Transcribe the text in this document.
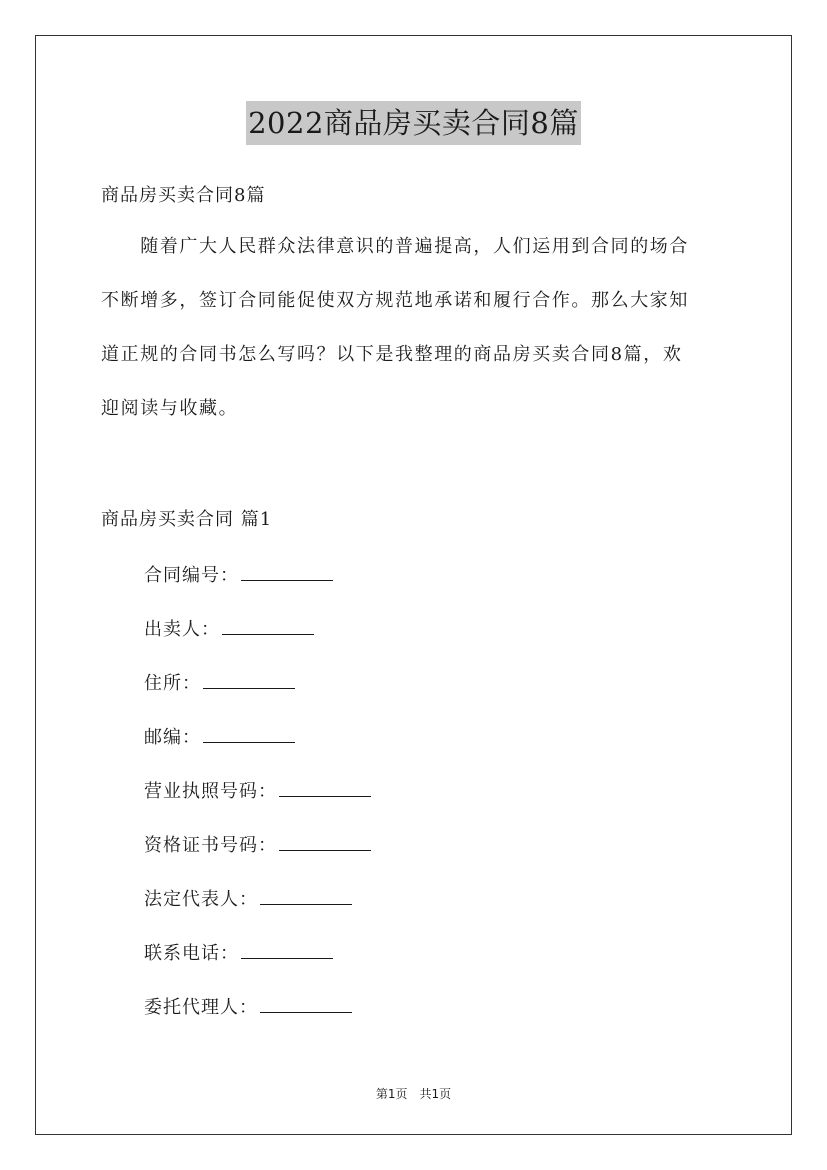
2022商品房买卖合同8篇
商品房买卖合同8篇
　　随着广大人民群众法律意识的普遍提高，人们运用到合同的场合
不断增多，签订合同能促使双方规范地承诺和履行合作。那么大家知
道正规的合同书怎么写吗？以下是我整理的商品房买卖合同8篇，欢
迎阅读与收藏。
商品房买卖合同 篇1
合同编号：
出卖人：
住所：
邮编：
营业执照号码：
资格证书号码：
法定代表人：
联系电话：
委托代理人：
第1页　共1页
